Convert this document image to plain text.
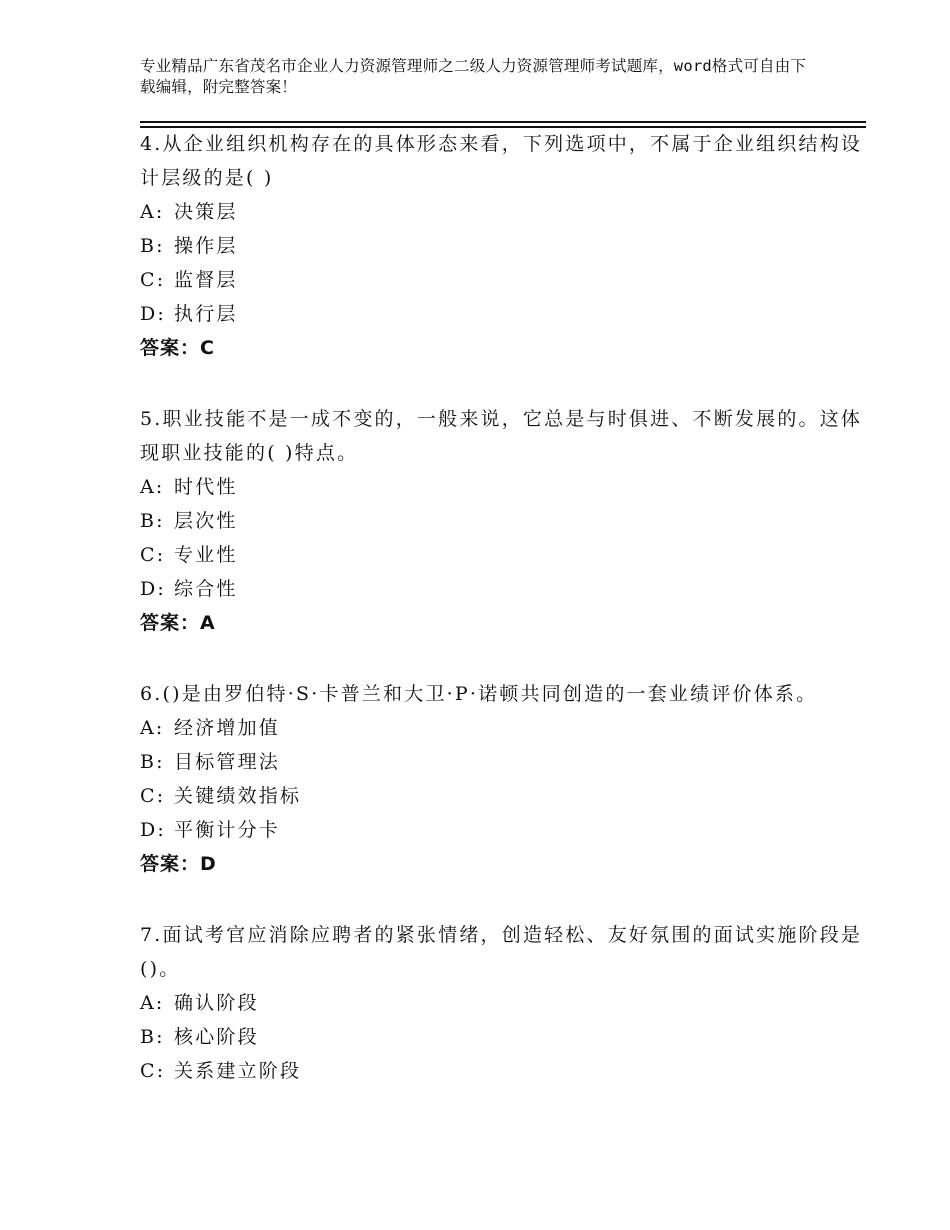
专业精品广东省茂名市企业人力资源管理师之二级人力资源管理师考试题库，word格式可自由下载编辑，附完整答案！

4.从企业组织机构存在的具体形态来看，下列选项中，不属于企业组织结构设计层级的是( )

A: 决策层

B: 操作层

C: 监督层

D: 执行层

答案：C

5.职业技能不是一成不变的，一般来说，它总是与时俱进、不断发展的。这体现职业技能的( )特点。

A: 时代性

B: 层次性

C: 专业性

D: 综合性

答案：A

6.()是由罗伯特·S·卡普兰和大卫·P·诺顿共同创造的一套业绩评价体系。

A: 经济增加值

B: 目标管理法

C: 关键绩效指标

D: 平衡计分卡

答案：D

7.面试考官应消除应聘者的紧张情绪，创造轻松、友好氛围的面试实施阶段是()。

A: 确认阶段

B: 核心阶段

C: 关系建立阶段
